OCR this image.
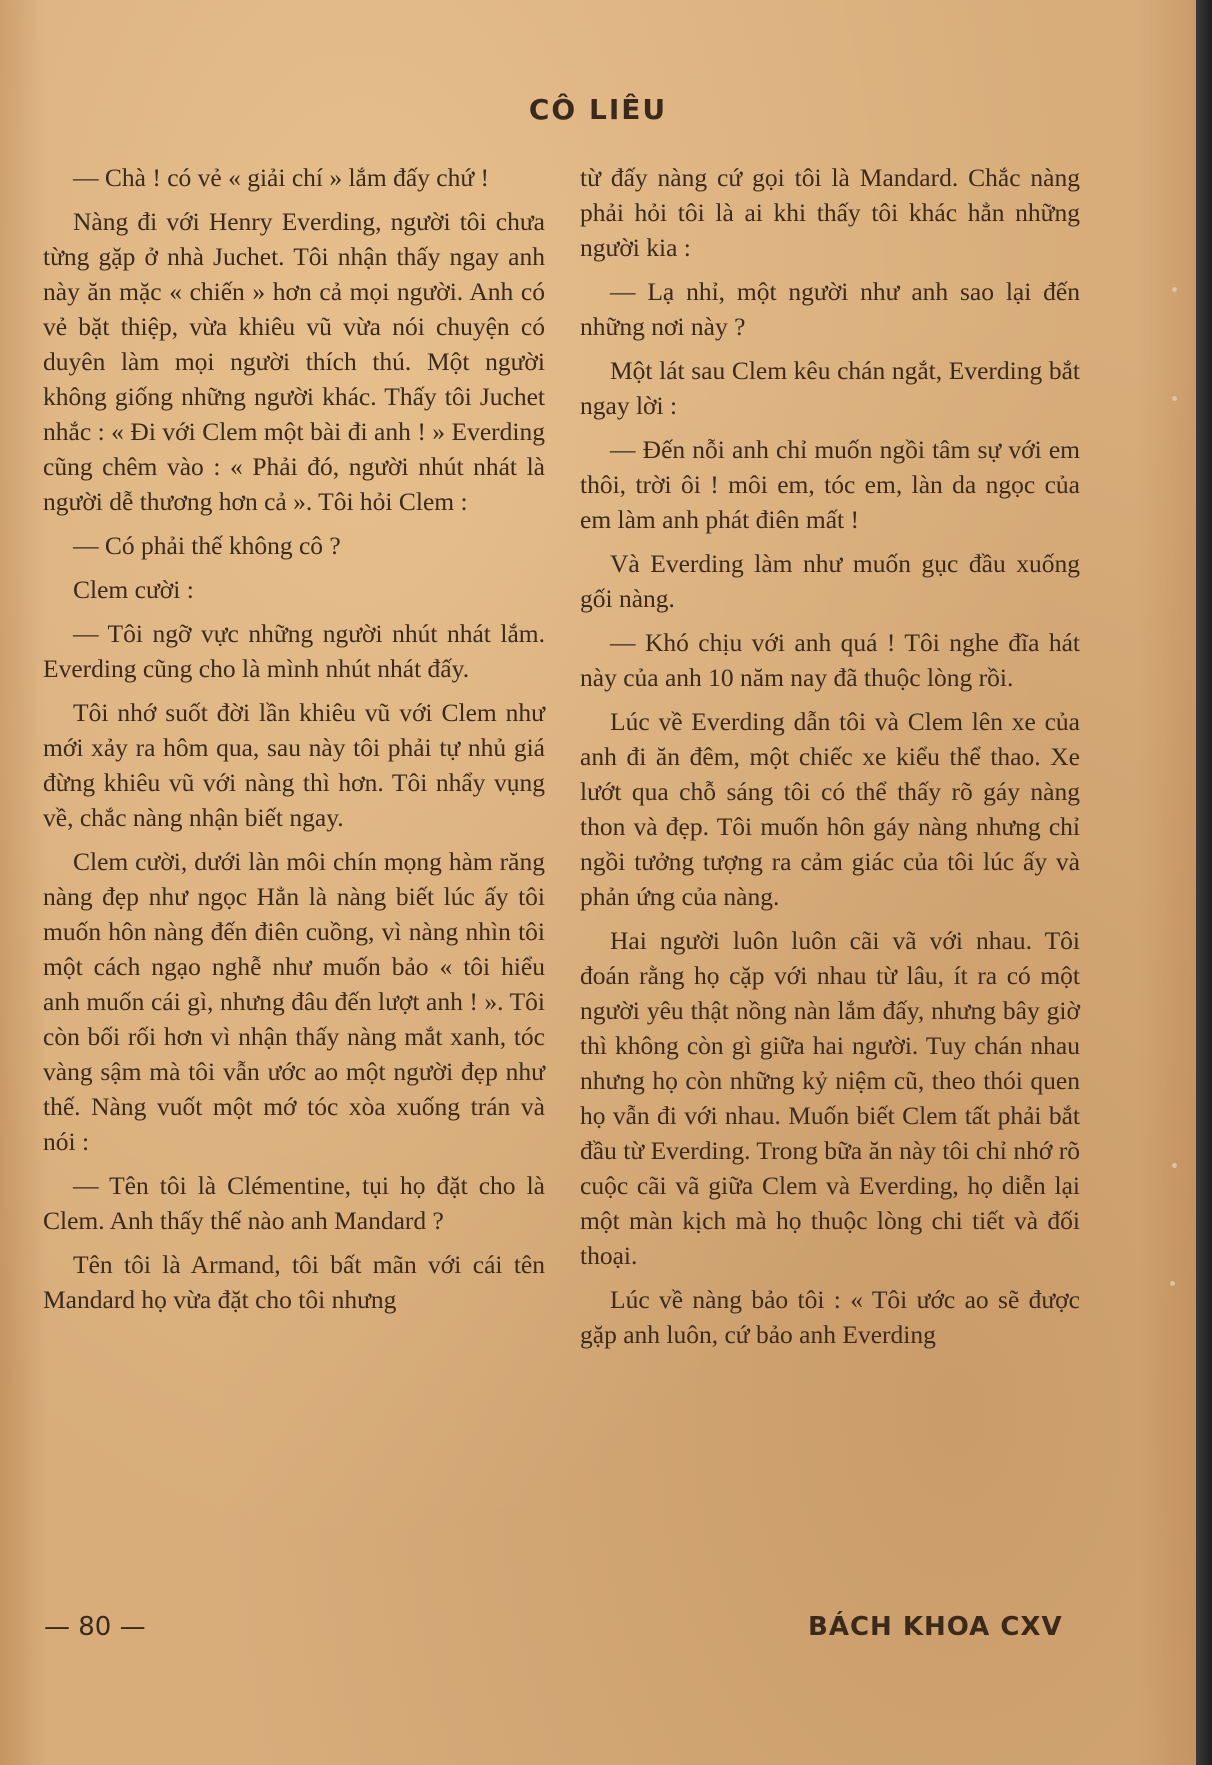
CÔ LIÊU

— Chà ! có vẻ « giải chí » lắm đấy chứ !

Nàng đi với Henry Everding, người tôi chưa từng gặp ở nhà Juchet. Tôi nhận thấy ngay anh này ăn mặc « chiến » hơn cả mọi người. Anh có vẻ bặt thiệp, vừa khiêu vũ vừa nói chuyện có duyên làm mọi người thích thú. Một người không giống những người khác. Thấy tôi Juchet nhắc : « Đi với Clem một bài đi anh ! » Everding cũng chêm vào : « Phải đó, người nhút nhát là người dễ thương hơn cả ». Tôi hỏi Clem :

— Có phải thế không cô ?

Clem cười :

— Tôi ngỡ vực những người nhút nhát lắm. Everding cũng cho là mình nhút nhát đấy.

Tôi nhớ suốt đời lần khiêu vũ với Clem như mới xảy ra hôm qua, sau này tôi phải tự nhủ giá đừng khiêu vũ với nàng thì hơn. Tôi nhẩy vụng về, chắc nàng nhận biết ngay.

Clem cười, dưới làn môi chín mọng hàm răng nàng đẹp như ngọc Hẳn là nàng biết lúc ấy tôi muốn hôn nàng đến điên cuồng, vì nàng nhìn tôi một cách ngạo nghễ như muốn bảo « tôi hiểu anh muốn cái gì, nhưng đâu đến lượt anh ! ». Tôi còn bối rối hơn vì nhận thấy nàng mắt xanh, tóc vàng sậm mà tôi vẫn ước ao một người đẹp như thế. Nàng vuốt một mớ tóc xòa xuống trán và nói :

— Tên tôi là Clémentine, tụi họ đặt cho là Clem. Anh thấy thế nào anh Mandard ?

Tên tôi là Armand, tôi bất mãn với cái tên Mandard họ vừa đặt cho tôi nhưng

từ đấy nàng cứ gọi tôi là Mandard. Chắc nàng phải hỏi tôi là ai khi thấy tôi khác hẳn những người kia :

— Lạ nhỉ, một người như anh sao lại đến những nơi này ?

Một lát sau Clem kêu chán ngắt, Everding bắt ngay lời :

— Đến nỗi anh chỉ muốn ngồi tâm sự với em thôi, trời ôi ! môi em, tóc em, làn da ngọc của em làm anh phát điên mất !

Và Everding làm như muốn gục đầu xuống gối nàng.

— Khó chịu với anh quá ! Tôi nghe đĩa hát này của anh 10 năm nay đã thuộc lòng rồi.

Lúc về Everding dẫn tôi và Clem lên xe của anh đi ăn đêm, một chiếc xe kiểu thể thao. Xe lướt qua chỗ sáng tôi có thể thấy rõ gáy nàng thon và đẹp. Tôi muốn hôn gáy nàng nhưng chỉ ngồi tưởng tượng ra cảm giác của tôi lúc ấy và phản ứng của nàng.

Hai người luôn luôn cãi vã với nhau. Tôi đoán rằng họ cặp với nhau từ lâu, ít ra có một người yêu thật nồng nàn lắm đấy, nhưng bây giờ thì không còn gì giữa hai người. Tuy chán nhau nhưng họ còn những kỷ niệm cũ, theo thói quen họ vẫn đi với nhau. Muốn biết Clem tất phải bắt đầu từ Everding. Trong bữa ăn này tôi chỉ nhớ rõ cuộc cãi vã giữa Clem và Everding, họ diễn lại một màn kịch mà họ thuộc lòng chi tiết và đối thoại.

Lúc về nàng bảo tôi : « Tôi ước ao sẽ được gặp anh luôn, cứ bảo anh Everding

— 80 —	BÁCH KHOA CXV
